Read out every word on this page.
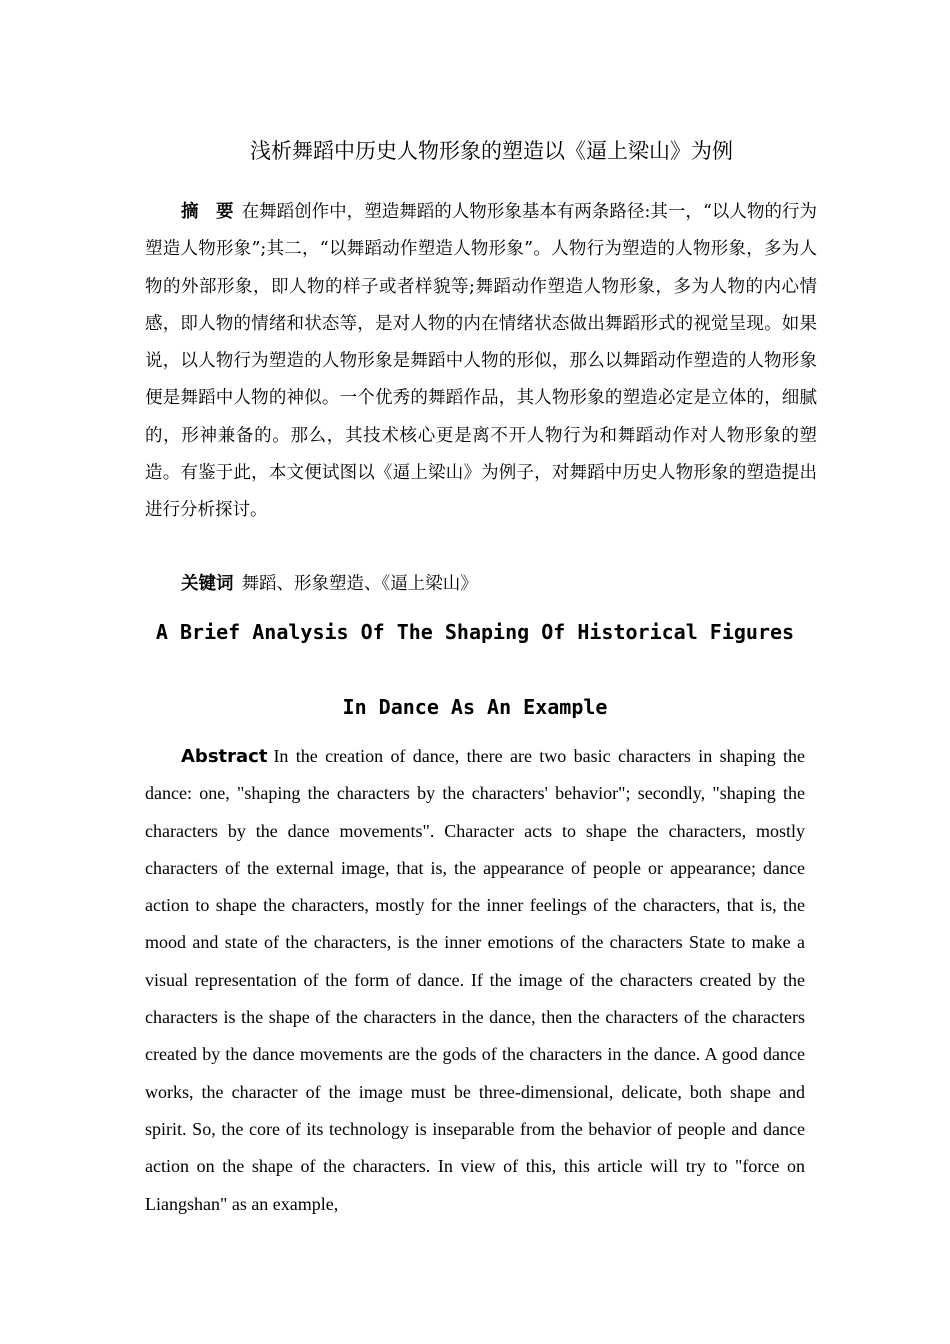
浅析舞蹈中历史人物形象的塑造以《逼上梁山》为例
摘　要 在舞蹈创作中，塑造舞蹈的人物形象基本有两条路径:其一，“以人物的行为塑造人物形象”;其二，“以舞蹈动作塑造人物形象”。人物行为塑造的人物形象，多为人物的外部形象，即人物的样子或者样貌等;舞蹈动作塑造人物形象，多为人物的内心情感，即人物的情绪和状态等，是对人物的内在情绪状态做出舞蹈形式的视觉呈现。如果说，以人物行为塑造的人物形象是舞蹈中人物的形似，那么以舞蹈动作塑造的人物形象便是舞蹈中人物的神似。一个优秀的舞蹈作品，其人物形象的塑造必定是立体的，细腻的，形神兼备的。那么，其技术核心更是离不开人物行为和舞蹈动作对人物形象的塑造。有鉴于此，本文便试图以《逼上梁山》为例子，对舞蹈中历史人物形象的塑造提出进行分析探讨。
关键词 舞蹈、形象塑造、《逼上梁山》
A Brief Analysis Of The Shaping Of Historical Figures
In Dance As An Example
Abstract In the creation of dance, there are two basic characters in shaping the dance: one, "shaping the characters by the characters' behavior"; secondly, "shaping the characters by the dance movements". Character acts to shape the characters, mostly characters of the external image, that is, the appearance of people or appearance; dance action to shape the characters, mostly for the inner feelings of the characters, that is, the mood and state of the characters, is the inner emotions of the characters State to make a visual representation of the form of dance. If the image of the characters created by the characters is the shape of the characters in the dance, then the characters of the characters created by the dance movements are the gods of the characters in the dance. A good dance works, the character of the image must be three-dimensional, delicate, both shape and spirit. So, the core of its technology is inseparable from the behavior of people and dance action on the shape of the characters. In view of this, this article will try to "force on Liangshan" as an example,
